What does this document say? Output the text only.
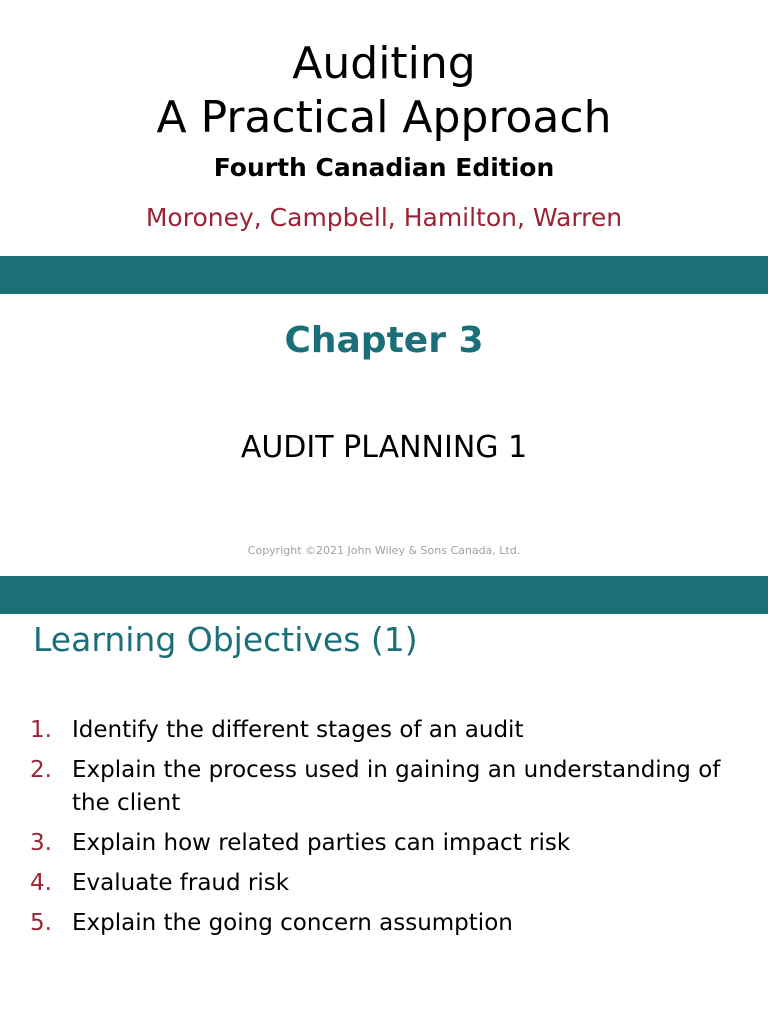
Auditing
A Practical Approach
Fourth Canadian Edition
Moroney, Campbell, Hamilton, Warren
Chapter 3
AUDIT PLANNING 1
Copyright ©2021 John Wiley & Sons Canada, Ltd.
Learning Objectives (1)
1. Identify the different stages of an audit
2. Explain the process used in gaining an understanding of the client
3. Explain how related parties can impact risk
4. Evaluate fraud risk
5. Explain the going concern assumption
